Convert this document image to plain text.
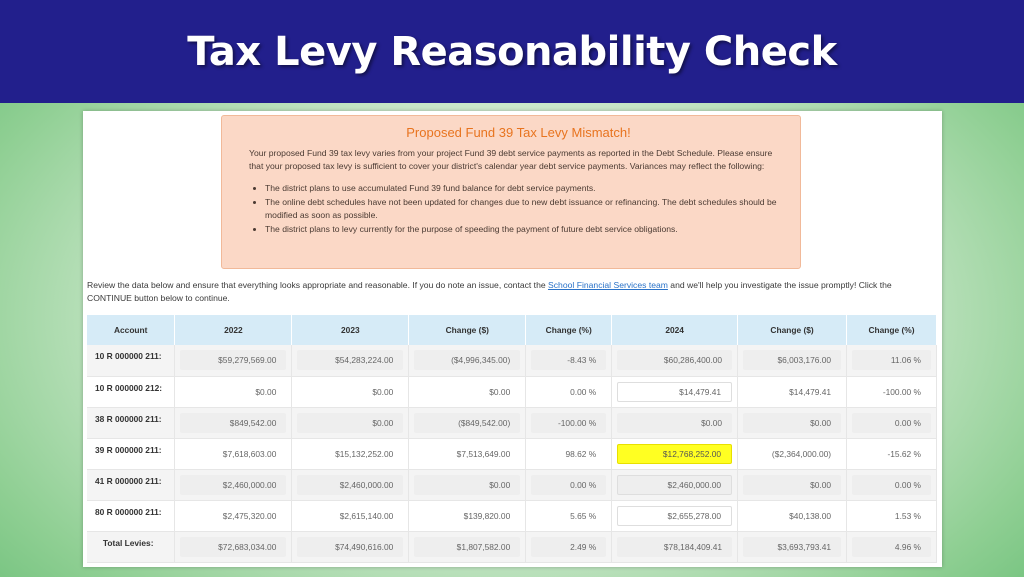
Tax Levy Reasonability Check
Proposed Fund 39 Tax Levy Mismatch!

Your proposed Fund 39 tax levy varies from your project Fund 39 debt service payments as reported in the Debt Schedule. Please ensure that your proposed tax levy is sufficient to cover your district's calendar year debt service payments. Variances may reflect the following:

• The district plans to use accumulated Fund 39 fund balance for debt service payments.
• The online debt schedules have not been updated for changes due to new debt issuance or refinancing. The debt schedules should be modified as soon as possible.
• The district plans to levy currently for the purpose of speeding the payment of future debt service obligations.
Review the data below and ensure that everything looks appropriate and reasonable. If you do note an issue, contact the School Financial Services team and we'll help you investigate the issue promptly! Click the CONTINUE button below to continue.
Account	2022	2023	Change ($)	Change (%)	2024	Change ($)	Change (%)
10 R 000000 211:	$59,279,569.00	$54,283,224.00	($4,996,345.00)	-8.43 %	$60,286,400.00	$6,003,176.00	11.06 %

10 R 000000 212:	$0.00	$0.00	$0.00	0.00 %	$14,479.41	$14,479.41	-100.00 %

38 R 000000 211:	$849,542.00	$0.00	($849,542.00)	-100.00 %	$0.00	$0.00	0.00 %

39 R 000000 211:	$7,618,603.00	$15,132,252.00	$7,513,649.00	98.62 %	$12,768,252.00	($2,364,000.00)	-15.62 %

41 R 000000 211:	$2,460,000.00	$2,460,000.00	$0.00	0.00 %	$2,460,000.00	$0.00	0.00 %

80 R 000000 211:	$2,475,320.00	$2,615,140.00	$139,820.00	5.65 %	$2,655,278.00	$40,138.00	1.53 %

Total Levies:	$72,683,034.00	$74,490,616.00	$1,807,582.00	2.49 %	$78,184,409.41	$3,693,793.41	4.96 %
